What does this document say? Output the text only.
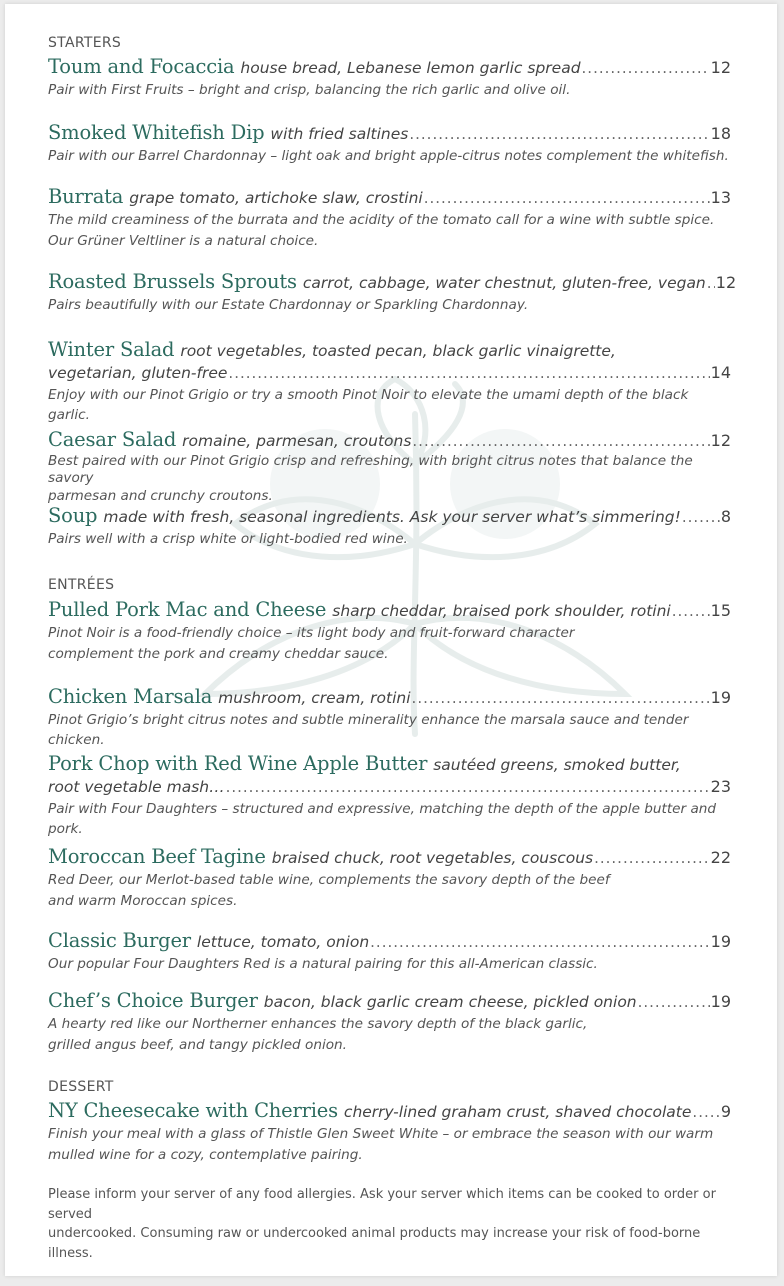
STARTERS
Toum and Focaccia house bread, Lebanese lemon garlic spread .....	12
Pair with First Fruits – bright and crisp, balancing the rich garlic and olive oil.
Smoked Whitefish Dip with fried saltines .....	18
Pair with our Barrel Chardonnay – light oak and bright apple-citrus notes complement the whitefish.
Burrata grape tomato, artichoke slaw, crostini .....	13
The mild creaminess of the burrata and the acidity of the tomato call for a wine with subtle spice.
Our Grüner Veltliner is a natural choice.
Roasted Brussels Sprouts carrot, cabbage, water chestnut, gluten-free, vegan ..... 12
Pairs beautifully with our Estate Chardonnay or Sparkling Chardonnay.
Winter Salad root vegetables, toasted pecan, black garlic vinaigrette,
vegetarian, gluten-free .....	14
Enjoy with our Pinot Grigio or try a smooth Pinot Noir to elevate the umami depth of the black garlic.
Caesar Salad romaine, parmesan, croutons .....	12
Best paired with our Pinot Grigio crisp and refreshing, with bright citrus notes that balance the savory
parmesan and crunchy croutons.
Soup made with fresh, seasonal ingredients. Ask your server what’s simmering! ..... 8
Pairs well with a crisp white or light-bodied red wine.
ENTRÉES
Pulled Pork Mac and Cheese sharp cheddar, braised pork shoulder, rotini ..... 15
Pinot Noir is a food-friendly choice – its light body and fruit-forward character
complement the pork and creamy cheddar sauce.
Chicken Marsala mushroom, cream, rotini .....	19
Pinot Grigio’s bright citrus notes and subtle minerality enhance the marsala sauce and tender chicken.
Pork Chop with Red Wine Apple Butter sautéed greens, smoked butter,
root vegetable mash… .....	23
Pair with Four Daughters – structured and expressive, matching the depth of the apple butter and pork.
Moroccan Beef Tagine braised chuck, root vegetables, couscous .....	22
Red Deer, our Merlot-based table wine, complements the savory depth of the beef
and warm Moroccan spices.
Classic Burger lettuce, tomato, onion .....	19
Our popular Four Daughters Red is a natural pairing for this all-American classic.
Chef’s Choice Burger bacon, black garlic cream cheese, pickled onion .....	19
A hearty red like our Northerner enhances the savory depth of the black garlic,
grilled angus beef, and tangy pickled onion.
DESSERT
NY Cheesecake with Cherries cherry-lined graham crust, shaved chocolate ..... 9
Finish your meal with a glass of Thistle Glen Sweet White – or embrace the season with our warm
mulled wine for a cozy, contemplative pairing.
Please inform your server of any food allergies. Ask your server which items can be cooked to order or served
undercooked. Consuming raw or undercooked animal products may increase your risk of food-borne illness.
